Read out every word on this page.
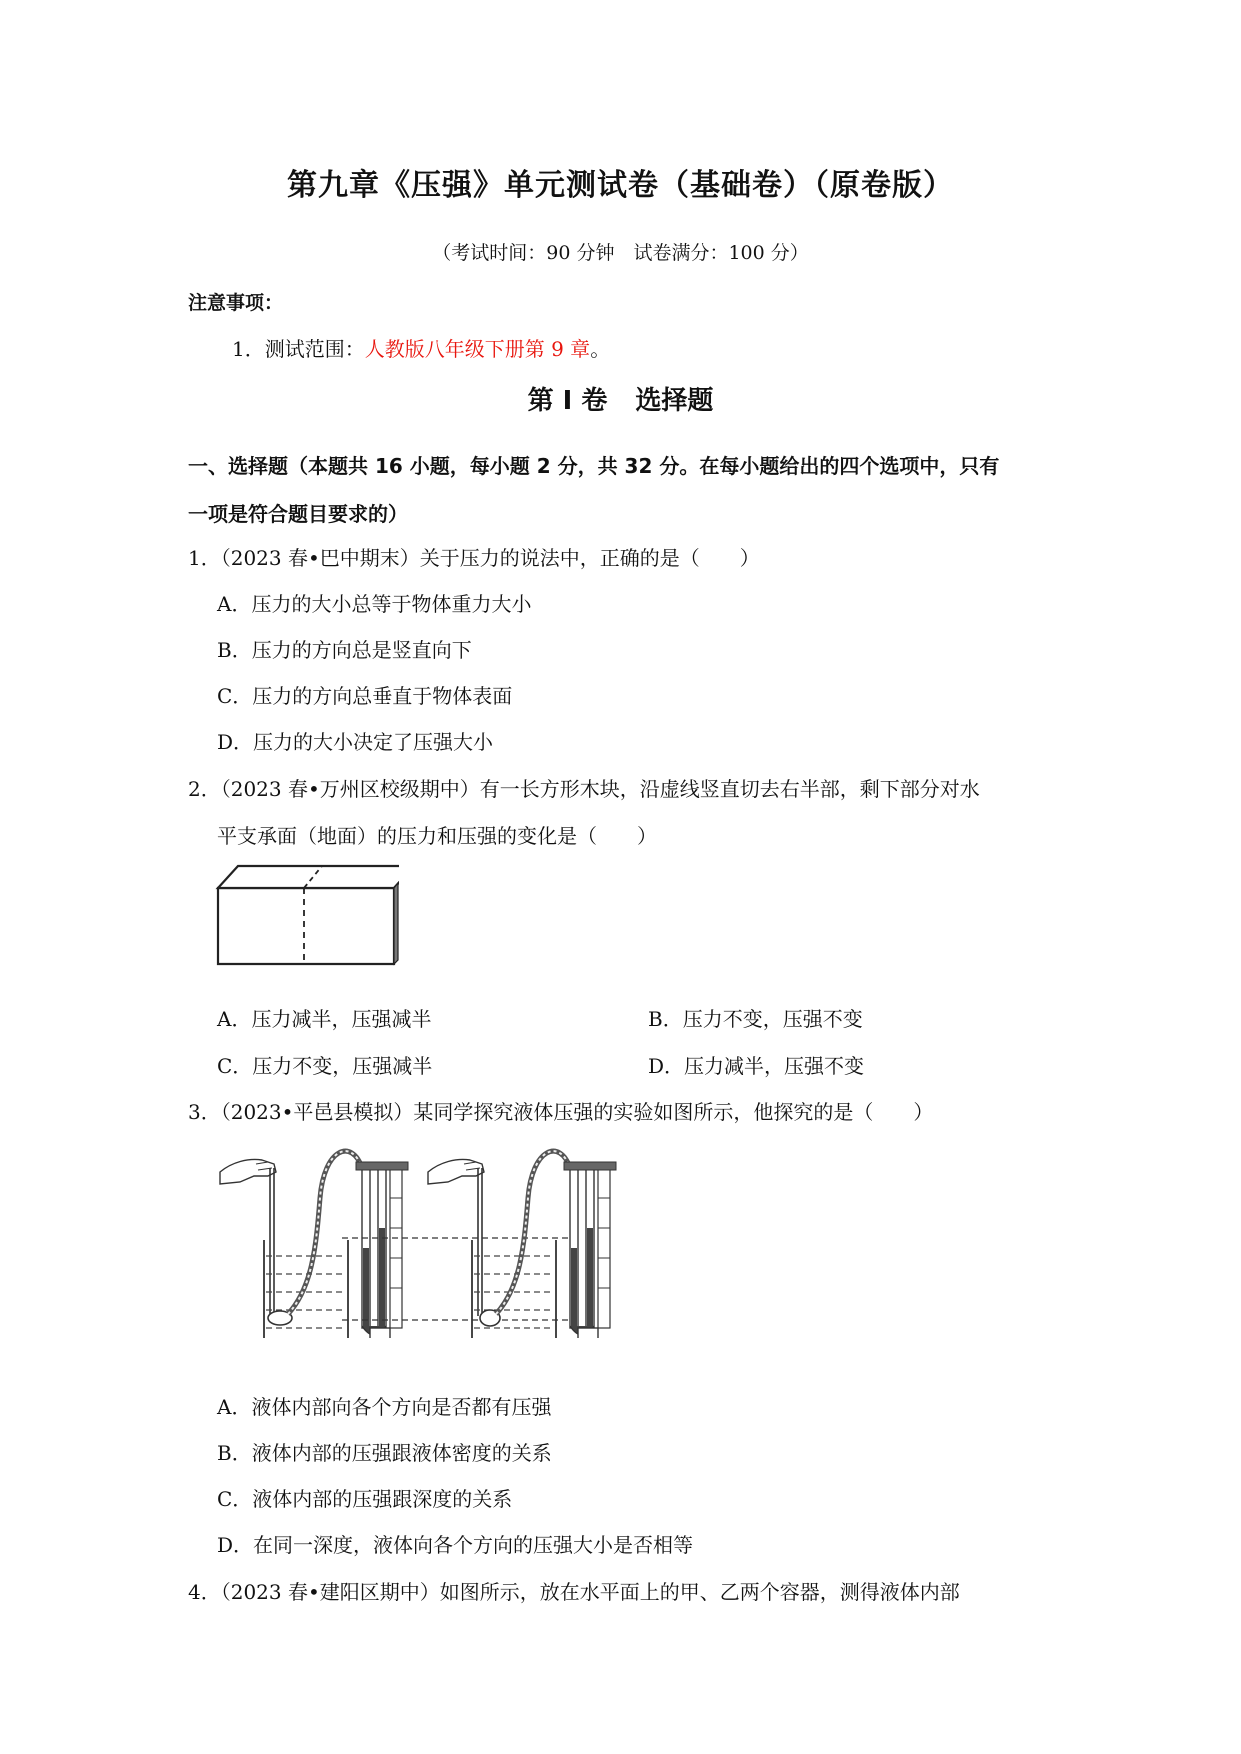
第九章《压强》单元测试卷（基础卷）（原卷版）
（考试时间：90 分钟　试卷满分：100 分）
注意事项：
1．测试范围：人教版八年级下册第 9 章。
第 I 卷 选择题
一、选择题（本题共 16 小题，每小题 2 分，共 32 分。在每小题给出的四个选项中，只有
一项是符合题目要求的）
1．（2023 春•巴中期末）关于压力的说法中，正确的是（　　）
A．压力的大小总等于物体重力大小
B．压力的方向总是竖直向下
C．压力的方向总垂直于物体表面
D．压力的大小决定了压强大小
2．（2023 春•万州区校级期中）有一长方形木块，沿虚线竖直切去右半部，剩下部分对水
平支承面（地面）的压力和压强的变化是（　　）
A．压力减半，压强减半	B．压力不变，压强不变
C．压力不变，压强减半	D．压力减半，压强不变
3．（2023•平邑县模拟）某同学探究液体压强的实验如图所示，他探究的是（　　）
A．液体内部向各个方向是否都有压强
B．液体内部的压强跟液体密度的关系
C．液体内部的压强跟深度的关系
D．在同一深度，液体向各个方向的压强大小是否相等
4．（2023 春•建阳区期中）如图所示，放在水平面上的甲、乙两个容器，测得液体内部
